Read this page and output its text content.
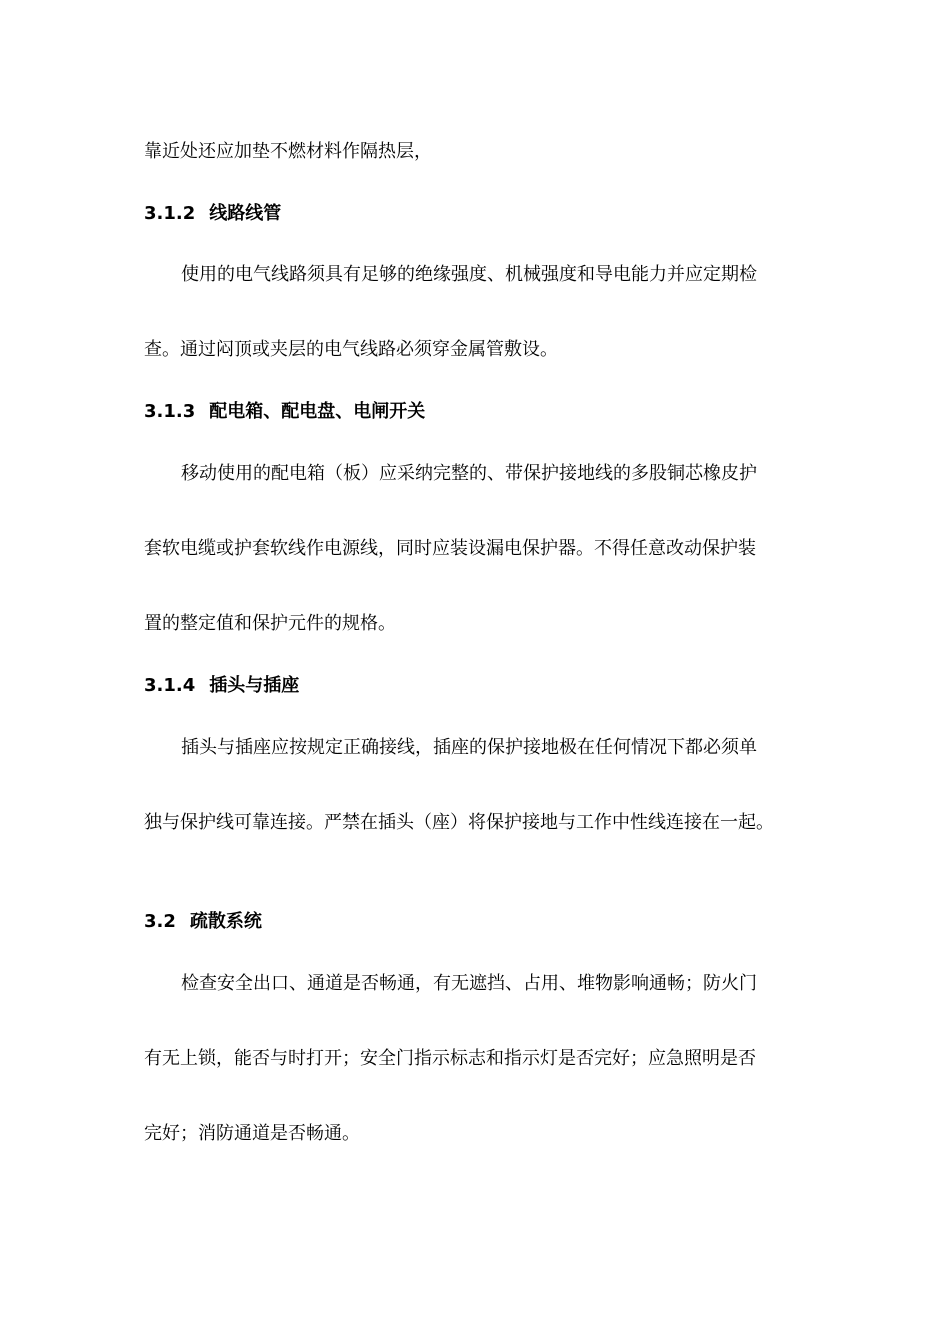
靠近处还应加垫不燃材料作隔热层，
3.1.2 线路线管
使用的电气线路须具有足够的绝缘强度、机械强度和导电能力并应定期检
查。通过闷顶或夹层的电气线路必须穿金属管敷设。
3.1.3 配电箱、配电盘、电闸开关
移动使用的配电箱（板）应采纳完整的、带保护接地线的多股铜芯橡皮护
套软电缆或护套软线作电源线，同时应装设漏电保护器。不得任意改动保护装
置的整定值和保护元件的规格。
3.1.4 插头与插座
插头与插座应按规定正确接线，插座的保护接地极在任何情况下都必须单
独与保护线可靠连接。严禁在插头（座）将保护接地与工作中性线连接在一起。
3.2 疏散系统
检查安全出口、通道是否畅通，有无遮挡、占用、堆物影响通畅；防火门
有无上锁，能否与时打开；安全门指示标志和指示灯是否完好；应急照明是否
完好；消防通道是否畅通。
